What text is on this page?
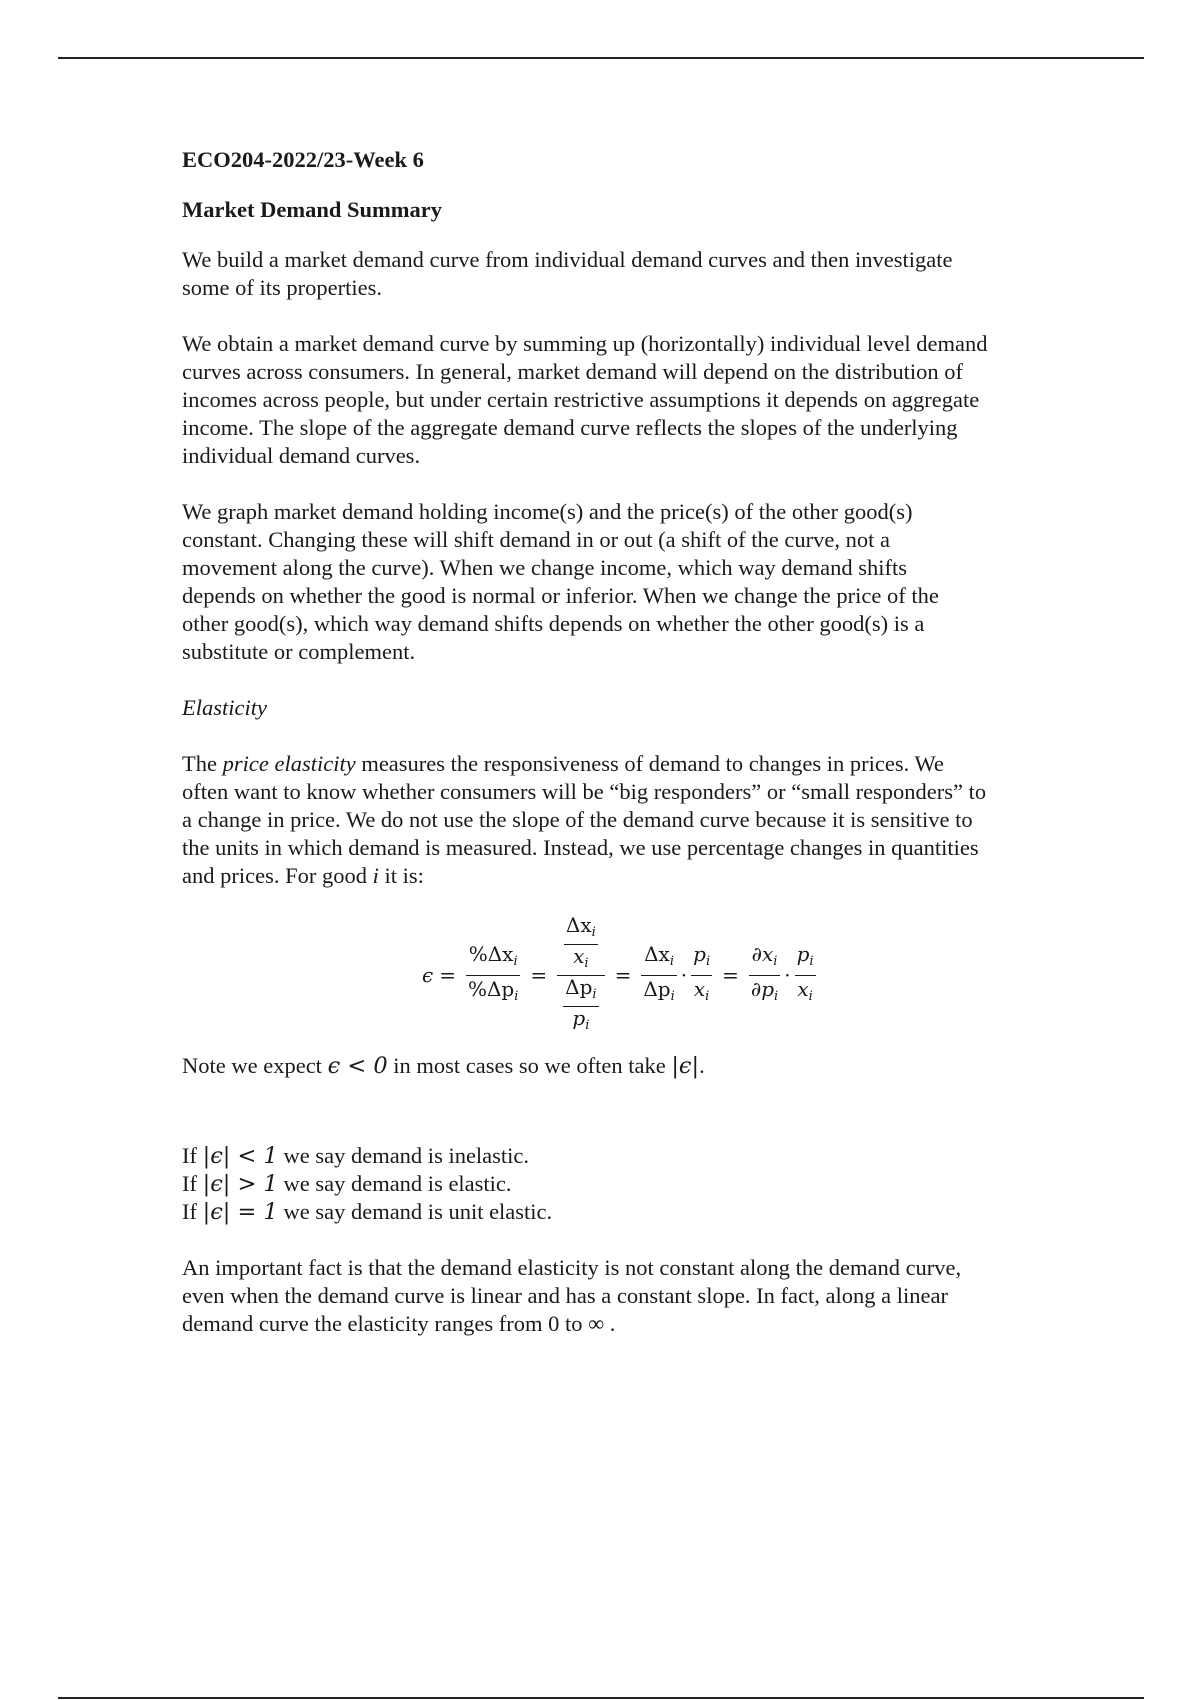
ECO204-2022/23-Week 6

Market Demand Summary

We build a market demand curve from individual demand curves and then investigate

some of its properties.

We obtain a market demand curve by summing up (horizontally) individual level demand

curves across consumers. In general, market demand will depend on the distribution of

incomes across people, but under certain restrictive assumptions it depends on aggregate

income. The slope of the aggregate demand curve reflects the slopes of the underlying

individual demand curves.

We graph market demand holding income(s) and the price(s) of the other good(s)

constant. Changing these will shift demand in or out (a shift of the curve, not a

movement along the curve). When we change income, which way demand shifts

depends on whether the good is normal or inferior. When we change the price of the

other good(s), which way demand shifts depends on whether the other good(s) is a

substitute or complement.

Elasticity

The price elasticity measures the responsiveness of demand to changes in prices. We

often want to know whether consumers will be “big responders” or “small responders” to

a change in price. We do not use the slope of the demand curve because it is sensitive to

the units in which demand is measured. Instead, we use percentage changes in quantities

and prices. For good i it is:

$\epsilon = \frac{\%\Delta x_i}{\%\Delta p_i} = \frac{\frac{\Delta x_i}{x_i}}{\frac{\Delta p_i}{p_i}} = \frac{\Delta x_i}{\Delta p_i} \cdot \frac{p_i}{x_i} = \frac{\partial x_i}{\partial p_i} \cdot \frac{p_i}{x_i}$

Note we expect ϵ < 0 in most cases so we often take |ϵ|.

If |ϵ| < 1 we say demand is inelastic.

If |ϵ| > 1 we say demand is elastic.

If |ϵ| = 1 we say demand is unit elastic.

An important fact is that the demand elasticity is not constant along the demand curve,

even when the demand curve is linear and has a constant slope. In fact, along a linear

demand curve the elasticity ranges from 0 to ∞ .
